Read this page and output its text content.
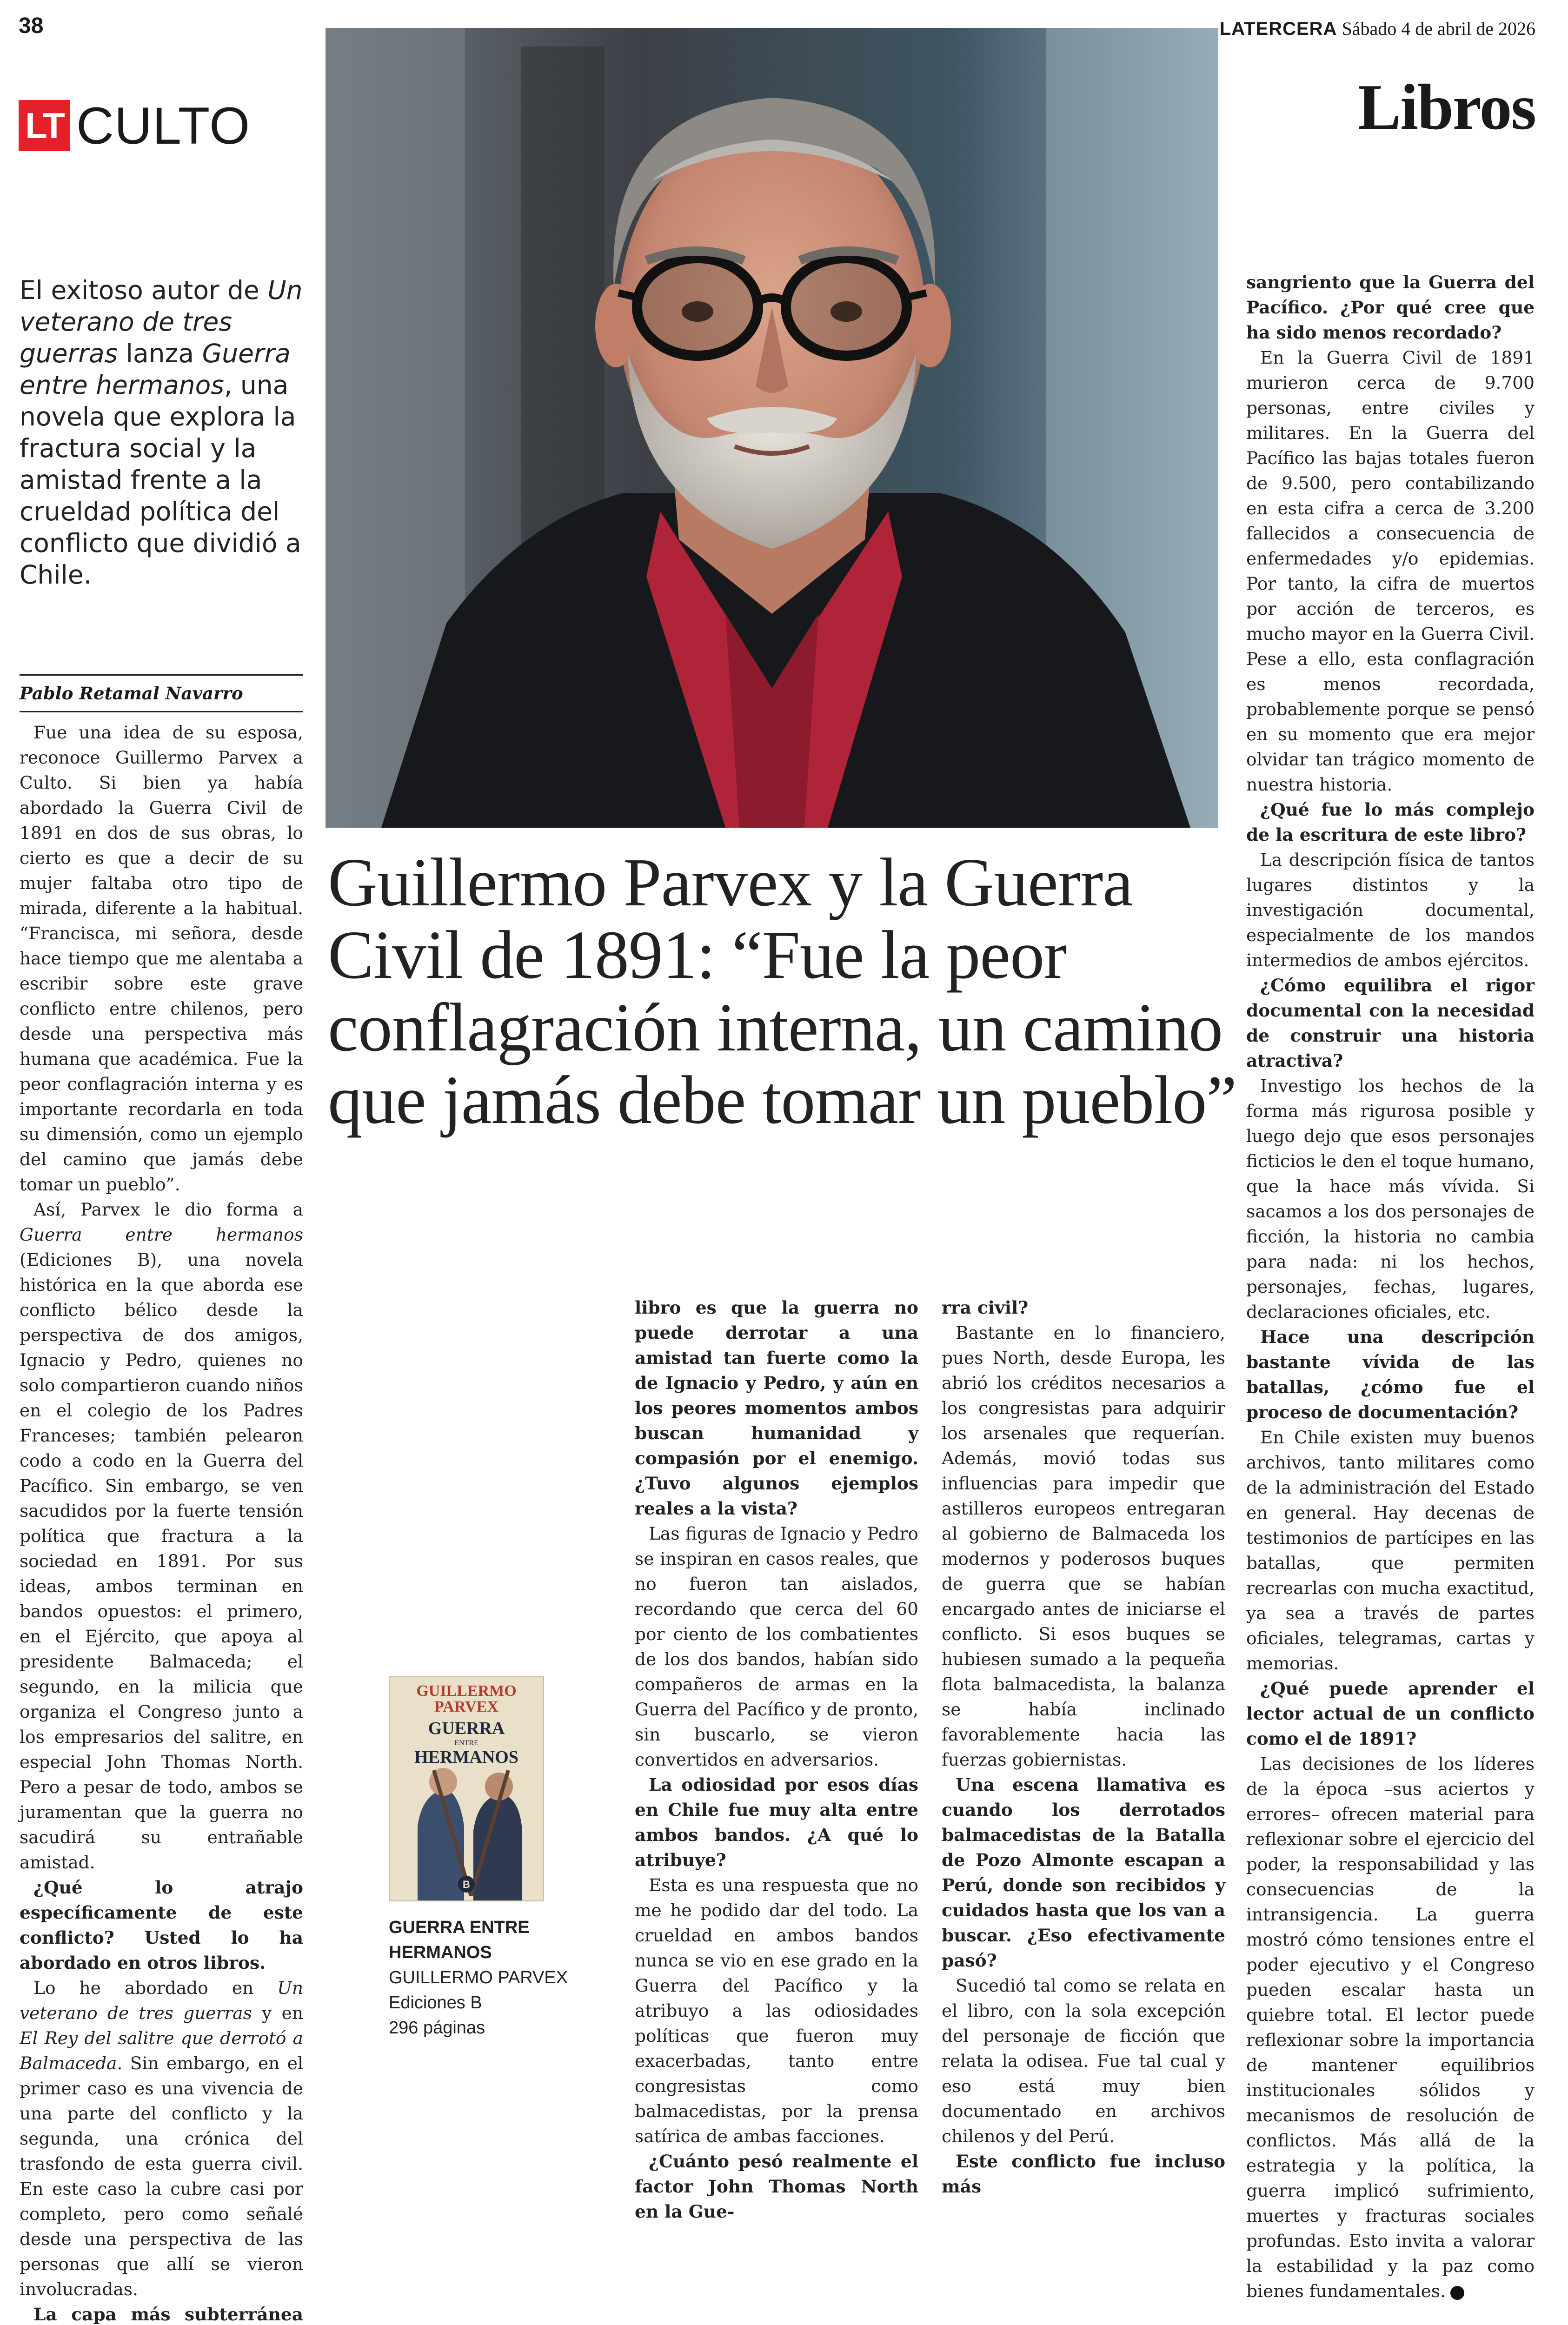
38	LATERCERA Sábado 4 de abril de 2026
LT CULTO	Libros
El exitoso autor de Un veterano de tres guerras lanza Guerra entre hermanos, una novela que explora la fractura social y la amistad frente a la crueldad política del conflicto que dividió a Chile.
Pablo Retamal Navarro
Guillermo Parvex y la Guerra Civil de 1891: “Fue la peor conflagración interna, un camino que jamás debe tomar un pueblo”

Fue una idea de su esposa, reconoce Guillermo Parvex a Culto. Si bien ya había abordado la Guerra Civil de 1891 en dos de sus obras, lo cierto es que a decir de su mujer faltaba otro tipo de mirada, diferente a la habitual. “Francisca, mi señora, desde hace tiempo que me alentaba a escribir sobre este grave conflicto entre chilenos, pero desde una perspectiva más humana que académica. Fue la peor conflagración interna y es importante recordarla en toda su dimensión, como un ejemplo del camino que jamás debe tomar un pueblo”.

Así, Parvex le dio forma a Guerra entre hermanos (Ediciones B), una novela histórica en la que aborda ese conflicto bélico desde la perspectiva de dos amigos, Ignacio y Pedro, quienes no solo compartieron cuando niños en el colegio de los Padres Franceses; también pelearon codo a codo en la Guerra del Pacífico. Sin embargo, se ven sacudidos por la fuerte tensión política que fractura a la sociedad en 1891. Por sus ideas, ambos terminan en bandos opuestos: el primero, en el Ejército, que apoya al presidente Balmaceda; el segundo, en la milicia que organiza el Congreso junto a los empresarios del salitre, en especial John Thomas North. Pero a pesar de todo, ambos se juramentan que la guerra no sacudirá su entrañable amistad.

¿Qué lo atrajo específicamente de este conflicto? Usted lo ha abordado en otros libros.

Lo he abordado en Un veterano de tres guerras y en El Rey del salitre que derrotó a Balmaceda. Sin embargo, en el primer caso es una vivencia de una parte del conflicto y la segunda, una crónica del trasfondo de esta guerra civil. En este caso la cubre casi por completo, pero como señalé desde una perspectiva de las personas que allí se vieron involucradas.

La capa más subterránea

GUILLERMO
PARVEX
GUERRA
ENTRE
HERMANOS
B
GUERRA ENTRE
HERMANOS
GUILLERMO PARVEX
Ediciones B
296 páginas

libro es que la guerra no puede derrotar a una amistad tan fuerte como la de Ignacio y Pedro, y aún en los peores momentos ambos buscan humanidad y compasión por el enemigo. ¿Tuvo algunos ejemplos reales a la vista?

Las figuras de Ignacio y Pedro se inspiran en casos reales, que no fueron tan aislados, recordando que cerca del 60 por ciento de los combatientes de los dos bandos, habían sido compañeros de armas en la Guerra del Pacífico y de pronto, sin buscarlo, se vieron convertidos en adversarios.

La odiosidad por esos días en Chile fue muy alta entre ambos bandos. ¿A qué lo atribuye?

Esta es una respuesta que no me he podido dar del todo. La crueldad en ambos bandos nunca se vio en ese grado en la Guerra del Pacífico y la atribuyo a las odiosidades políticas que fueron muy exacerbadas, tanto entre congresistas como balmacedistas, por la prensa satírica de ambas facciones.

¿Cuánto pesó realmente el factor John Thomas North en la Gue-

rra civil?

Bastante en lo financiero, pues North, desde Europa, les abrió los créditos necesarios a los congresistas para adquirir los arsenales que requerían. Además, movió todas sus influencias para impedir que astilleros europeos entregaran al gobierno de Balmaceda los modernos y poderosos buques de guerra que se habían encargado antes de iniciarse el conflicto. Si esos buques se hubiesen sumado a la pequeña flota balmacedista, la balanza se había inclinado favorablemente hacia las fuerzas gobiernistas.

Una escena llamativa es cuando los derrotados balmacedistas de la Batalla de Pozo Almonte escapan a Perú, donde son recibidos y cuidados hasta que los van a buscar. ¿Eso efectivamente pasó?

Sucedió tal como se relata en el libro, con la sola excepción del personaje de ficción que relata la odisea. Fue tal cual y eso está muy bien documentado en archivos chilenos y del Perú.

Este conflicto fue incluso más

sangriento que la Guerra del Pacífico. ¿Por qué cree que ha sido menos recordado?

En la Guerra Civil de 1891 murieron cerca de 9.700 personas, entre civiles y militares. En la Guerra del Pacífico las bajas totales fueron de 9.500, pero contabilizando en esta cifra a cerca de 3.200 fallecidos a consecuencia de enfermedades y/o epidemias. Por tanto, la cifra de muertos por acción de terceros, es mucho mayor en la Guerra Civil. Pese a ello, esta conflagración es menos recordada, probablemente porque se pensó en su momento que era mejor olvidar tan trágico momento de nuestra historia.

¿Qué fue lo más complejo de la escritura de este libro?

La descripción física de tantos lugares distintos y la investigación documental, especialmente de los mandos intermedios de ambos ejércitos.

¿Cómo equilibra el rigor documental con la necesidad de construir una historia atractiva?

Investigo los hechos de la forma más rigurosa posible y luego dejo que esos personajes ficticios le den el toque humano, que la hace más vívida. Si sacamos a los dos personajes de ficción, la historia no cambia para nada: ni los hechos, personajes, fechas, lugares, declaraciones oficiales, etc.

Hace una descripción bastante vívida de las batallas, ¿cómo fue el proceso de documentación?

En Chile existen muy buenos archivos, tanto militares como de la administración del Estado en general. Hay decenas de testimonios de partícipes en las batallas, que permiten recrearlas con mucha exactitud, ya sea a través de partes oficiales, telegramas, cartas y memorias.

¿Qué puede aprender el lector actual de un conflicto como el de 1891?

Las decisiones de los líderes de la época –sus aciertos y errores– ofrecen material para reflexionar sobre el ejercicio del poder, la responsabilidad y las consecuencias de la intransigencia. La guerra mostró cómo tensiones entre el poder ejecutivo y el Congreso pueden escalar hasta un quiebre total. El lector puede reflexionar sobre la importancia de mantener equilibrios institucionales sólidos y mecanismos de resolución de conflictos. Más allá de la estrategia y la política, la guerra implicó sufrimiento, muertes y fracturas sociales profundas. Esto invita a valorar la estabilidad y la paz como bienes fundamentales.
